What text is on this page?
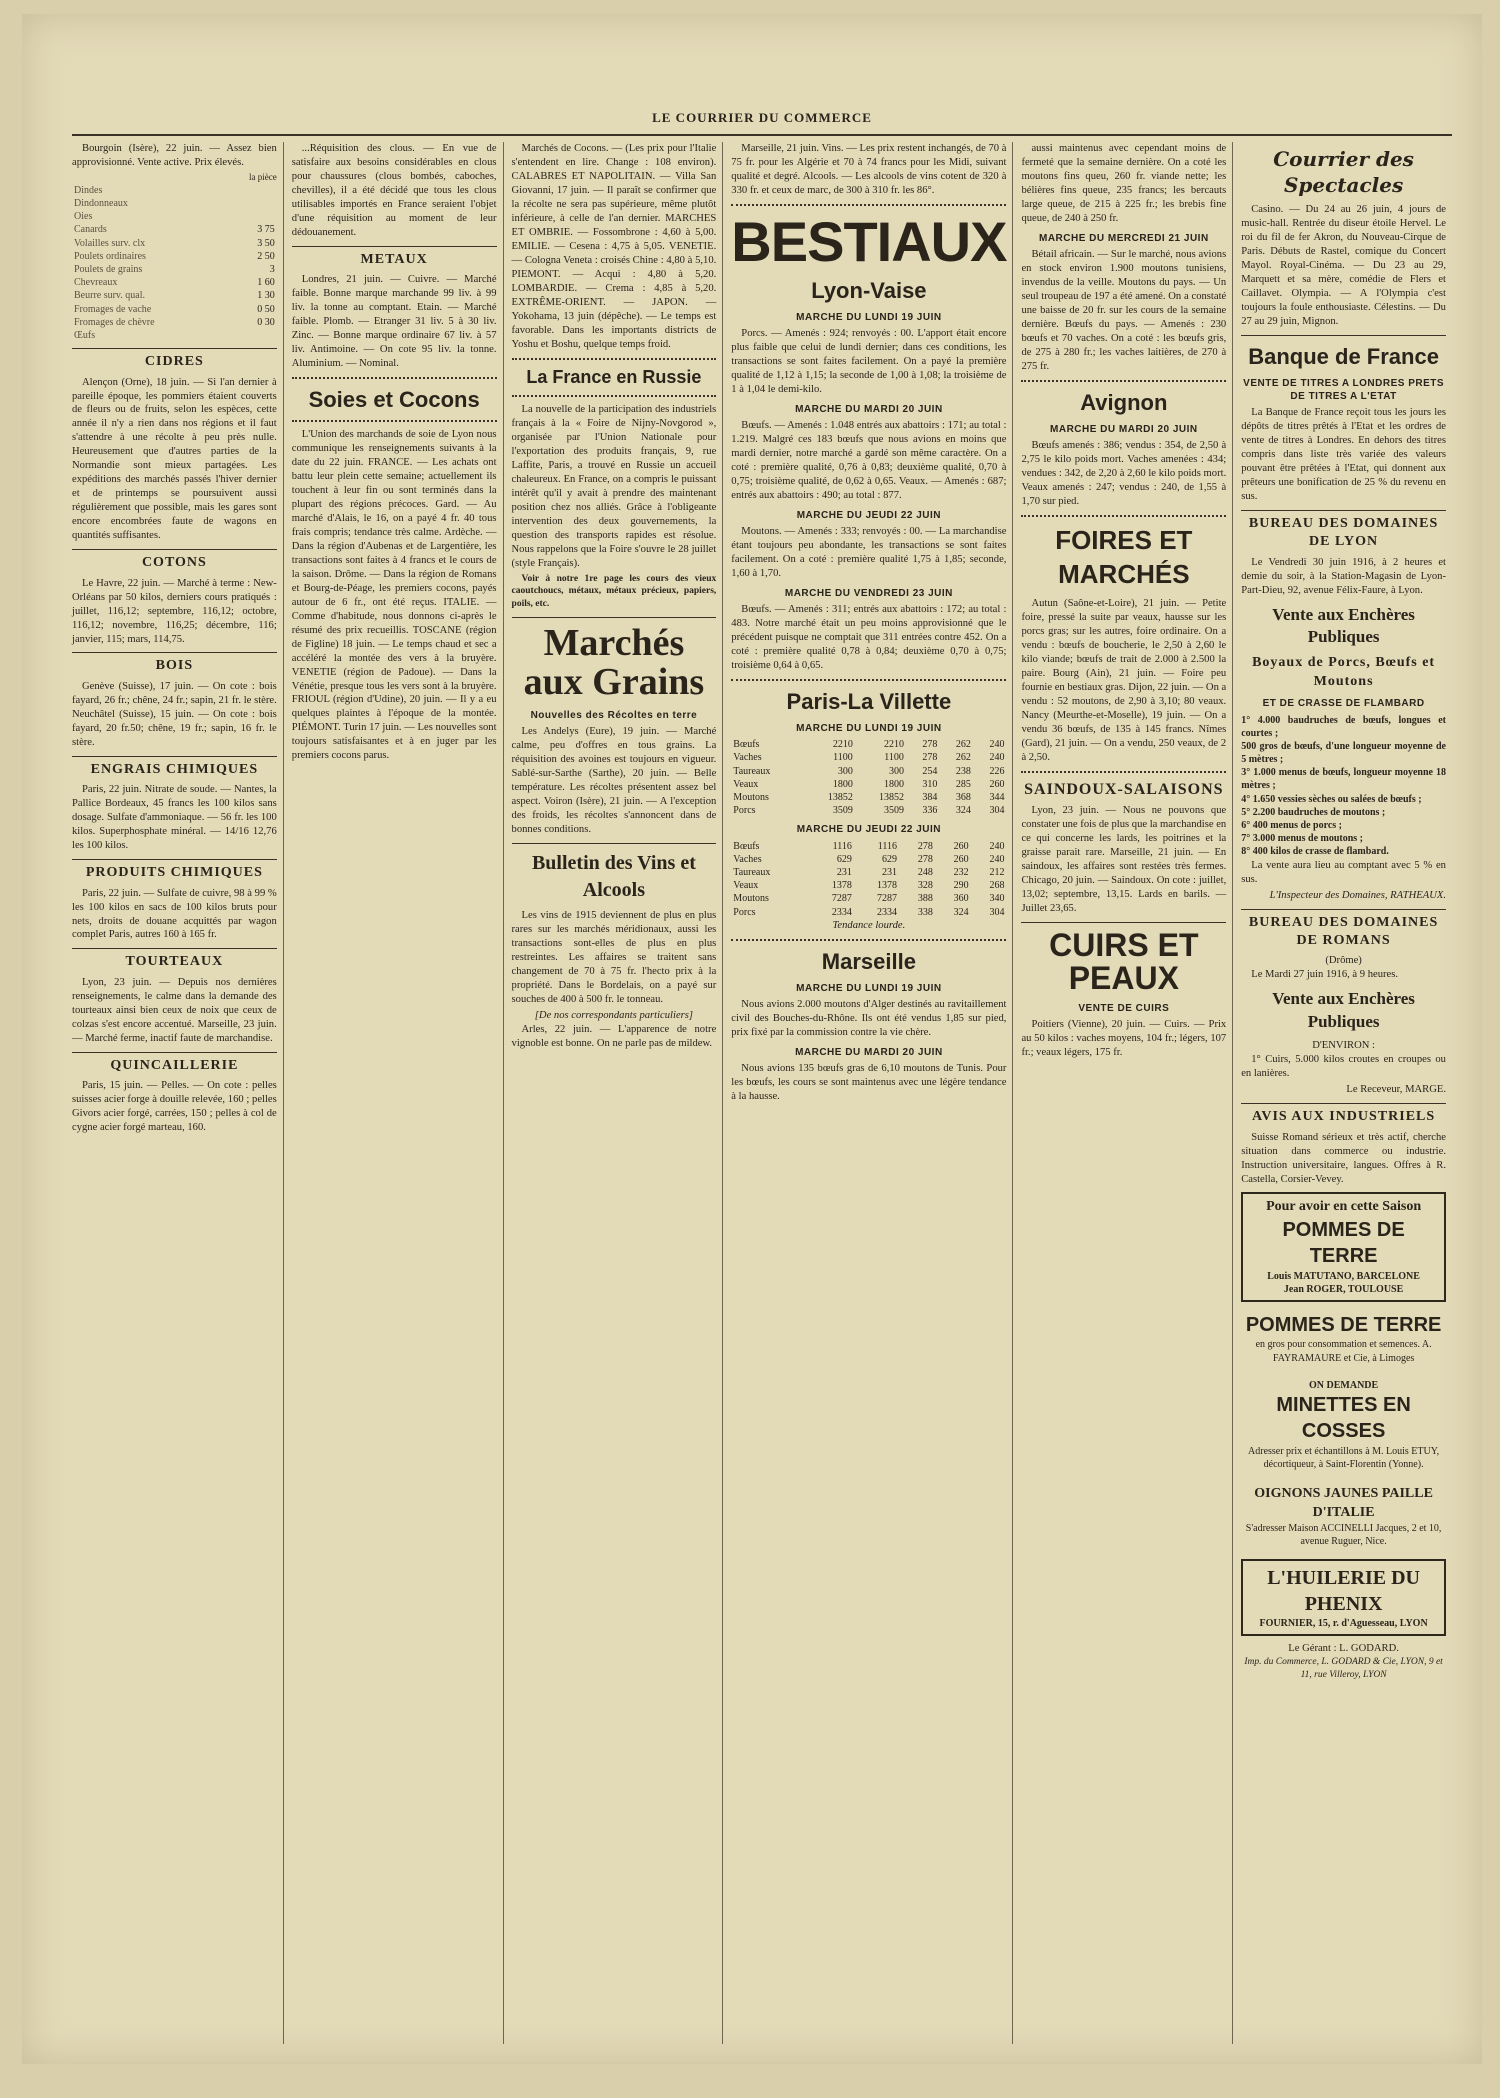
LE COURRIER DU COMMERCE

Bourgoin (Isère), 22 juin. — Assez bien approvisionné. Vente active. Prix élevés.

la pièce
Dindes	
Dindonneaux	
Oies	
Canards	3 75
Volailles surv. clx	3 50
Poulets ordinaires	2 50
Poulets de grains	3
Chevreaux	1 60
Beurre surv. qual.	1 30
Fromages de vache	0 50
Fromages de chèvre	0 30
Œufs	
CIDRES

Alençon (Orne), 18 juin. — Si l'an dernier à pareille époque, les pommiers étaient couverts de fleurs ou de fruits, selon les espèces, cette année il n'y a rien dans nos régions et il faut s'attendre à une récolte à peu près nulle. Heureusement que d'autres parties de la Normandie sont mieux partagées. Les expéditions des marchés passés l'hiver dernier et de printemps se poursuivent aussi régulièrement que possible, mais les gares sont encore encombrées faute de wagons en quantités suffisantes.

COTONS

Le Havre, 22 juin. — Marché à terme : New-Orléans par 50 kilos, derniers cours pratiqués : juillet, 116,12; septembre, 116,12; octobre, 116,12; novembre, 116,25; décembre, 116; janvier, 115; mars, 114,75.

BOIS

Genève (Suisse), 17 juin. — On cote : bois fayard, 26 fr.; chêne, 24 fr.; sapin, 21 fr. le stère. Neuchâtel (Suisse), 15 juin. — On cote : bois fayard, 20 fr.50; chêne, 19 fr.; sapin, 16 fr. le stère.

ENGRAIS CHIMIQUES

Paris, 22 juin. Nitrate de soude. — Nantes, la Pallice Bordeaux, 45 francs les 100 kilos sans dosage. Sulfate d'ammoniaque. — 56 fr. les 100 kilos. Superphosphate minéral. — 14/16 12,76 les 100 kilos.

PRODUITS CHIMIQUES

Paris, 22 juin. — Sulfate de cuivre, 98 à 99 % les 100 kilos en sacs de 100 kilos bruts pour nets, droits de douane acquittés par wagon complet Paris, autres 160 à 165 fr.

TOURTEAUX

Lyon, 23 juin. — Depuis nos dernières renseignements, le calme dans la demande des tourteaux ainsi bien ceux de noix que ceux de colzas s'est encore accentué. Marseille, 23 juin. — Marché ferme, inactif faute de marchandise.

QUINCAILLERIE

Paris, 15 juin. — Pelles. — On cote : pelles suisses acier forge à douille relevée, 160 ; pelles Givors acier forgé, carrées, 150 ; pelles à col de cygne acier forgé marteau, 160.

...Réquisition des clous. — En vue de satisfaire aux besoins considérables en clous pour chaussures (clous bombés, caboches, chevilles), il a été décidé que tous les clous utilisables importés en France seraient l'objet d'une réquisition au moment de leur dédouanement.

METAUX

Londres, 21 juin. — Cuivre. — Marché faible. Bonne marque marchande 99 liv. à 99 liv. la tonne au comptant. Etain. — Marché faible. Plomb. — Etranger 31 liv. 5 à 30 liv. Zinc. — Bonne marque ordinaire 67 liv. à 57 liv. Antimoine. — On cote 95 liv. la tonne. Aluminium. — Nominal.

Soies et Cocons

L'Union des marchands de soie de Lyon nous communique les renseignements suivants à la date du 22 juin. FRANCE. — Les achats ont battu leur plein cette semaine; actuellement ils touchent à leur fin ou sont terminés dans la plupart des régions précoces. Gard. — Au marché d'Alais, le 16, on a payé 4 fr. 40 tous frais compris; tendance très calme. Ardèche. — Dans la région d'Aubenas et de Largentière, les transactions sont faites à 4 francs et le cours de la saison. Drôme. — Dans la région de Romans et Bourg-de-Péage, les premiers cocons, payés autour de 6 fr., ont été reçus. ITALIE. — Comme d'habitude, nous donnons ci-après le résumé des prix recueillis. TOSCANE (région de Figline) 18 juin. — Le temps chaud et sec a accéléré la montée des vers à la bruyère. VENETIE (région de Padoue). — Dans la Vénétie, presque tous les vers sont à la bruyère. FRIOUL (région d'Udine), 20 juin. — Il y a eu quelques plaintes à l'époque de la montée. PIÉMONT. Turin 17 juin. — Les nouvelles sont toujours satisfaisantes et à en juger par les premiers cocons parus.

Marchés de Cocons. — (Les prix pour l'Italie s'entendent en lire. Change : 108 environ). CALABRES ET NAPOLITAIN. — Villa San Giovanni, 17 juin. — Il paraît se confirmer que la récolte ne sera pas supérieure, même plutôt inférieure, à celle de l'an dernier. MARCHES ET OMBRIE. — Fossombrone : 4,60 à 5,00. EMILIE. — Cesena : 4,75 à 5,05. VENETIE. — Cologna Veneta : croisés Chine : 4,80 à 5,10. PIEMONT. — Acqui : 4,80 à 5,20. LOMBARDIE. — Crema : 4,85 à 5,20. EXTRÊME-ORIENT. — JAPON. — Yokohama, 13 juin (dépêche). — Le temps est favorable. Dans les importants districts de Yoshu et Boshu, quelque temps froid.

La France en Russie

La nouvelle de la participation des industriels français à la « Foire de Nijny-Novgorod », organisée par l'Union Nationale pour l'exportation des produits français, 9, rue Laffite, Paris, a trouvé en Russie un accueil chaleureux. En France, on a compris le puissant intérêt qu'il y avait à prendre des maintenant position chez nos alliés. Grâce à l'obligeante intervention des deux gouvernements, la question des transports rapides est résolue. Nous rappelons que la Foire s'ouvre le 28 juillet (style Français).

Voir à notre 1re page les cours des vieux caoutchoucs, métaux, métaux précieux, papiers, poils, etc.

Marchés aux Grains
Nouvelles des Récoltes en terre

Les Andelys (Eure), 19 juin. — Marché calme, peu d'offres en tous grains. La réquisition des avoines est toujours en vigueur. Sablé-sur-Sarthe (Sarthe), 20 juin. — Belle température. Les récoltes présentent assez bel aspect. Voiron (Isère), 21 juin. — A l'exception des froids, les récoltes s'annoncent dans de bonnes conditions.

Bulletin des Vins et Alcools

Les vins de 1915 deviennent de plus en plus rares sur les marchés méridionaux, aussi les transactions sont-elles de plus en plus restreintes. Les affaires se traitent sans changement de 70 à 75 fr. l'hecto prix à la propriété. Dans le Bordelais, on a payé sur souches de 400 à 500 fr. le tonneau.

[De nos correspondants particuliers]

Arles, 22 juin. — L'apparence de notre vignoble est bonne. On ne parle pas de mildew.

Marseille, 21 juin. Vins. — Les prix restent inchangés, de 70 à 75 fr. pour les Algérie et 70 à 74 francs pour les Midi, suivant qualité et degré. Alcools. — Les alcools de vins cotent de 320 à 330 fr. et ceux de marc, de 300 à 310 fr. les 86°.

BESTIAUX
Lyon-Vaise
MARCHE DU LUNDI 19 JUIN

Porcs. — Amenés : 924; renvoyés : 00. L'apport était encore plus faible que celui de lundi dernier; dans ces conditions, les transactions se sont faites facilement. On a payé la première qualité de 1,12 à 1,15; la seconde de 1,00 à 1,08; la troisième de 1 à 1,04 le demi-kilo.

MARCHE DU MARDI 20 JUIN

Bœufs. — Amenés : 1.048 entrés aux abattoirs : 171; au total : 1.219. Malgré ces 183 bœufs que nous avions en moins que mardi dernier, notre marché a gardé son même caractère. On a coté : première qualité, 0,76 à 0,83; deuxième qualité, 0,70 à 0,75; troisième qualité, de 0,62 à 0,65. Veaux. — Amenés : 687; entrés aux abattoirs : 490; au total : 877.

MARCHE DU JEUDI 22 JUIN

Moutons. — Amenés : 333; renvoyés : 00. — La marchandise étant toujours peu abondante, les transactions se sont faites facilement. On a coté : première qualité 1,75 à 1,85; seconde, 1,60 à 1,70.

MARCHE DU VENDREDI 23 JUIN

Bœufs. — Amenés : 311; entrés aux abattoirs : 172; au total : 483. Notre marché était un peu moins approvisionné que le précédent puisque ne comptait que 311 entrées contre 452. On a coté : première qualité 0,78 à 0,84; deuxième 0,70 à 0,75; troisième 0,64 à 0,65.

Paris-La Villette
MARCHE DU LUNDI 19 JUIN
Bœufs	2210	2210	278	262	240
Vaches	1100	1100	278	262	240
Taureaux	300	300	254	238	226
Veaux	1800	1800	310	285	260
Moutons	13852	13852	384	368	344
Porcs	3509	3509	336	324	304
MARCHE DU JEUDI 22 JUIN
Bœufs	1116	1116	278	260	240
Vaches	629	629	278	260	240
Taureaux	231	231	248	232	212
Veaux	1378	1378	328	290	268
Moutons	7287	7287	388	360	340
Porcs	2334	2334	338	324	304
Tendance lourde.
Marseille
MARCHE DU LUNDI 19 JUIN

Nous avions 2.000 moutons d'Alger destinés au ravitaillement civil des Bouches-du-Rhône. Ils ont été vendus 1,85 sur pied, prix fixé par la commission contre la vie chère.

MARCHE DU MARDI 20 JUIN

Nous avions 135 bœufs gras de 6,10 moutons de Tunis. Pour les bœufs, les cours se sont maintenus avec une légère tendance à la hausse.

aussi maintenus avec cependant moins de fermeté que la semaine dernière. On a coté les moutons fins queu, 260 fr. viande nette; les bélières fins queue, 235 francs; les bercauts large queue, de 215 à 225 fr.; les brebis fine queue, de 240 à 250 fr.

MARCHE DU MERCREDI 21 JUIN

Bétail africain. — Sur le marché, nous avions en stock environ 1.900 moutons tunisiens, invendus de la veille. Moutons du pays. — Un seul troupeau de 197 a été amené. On a constaté une baisse de 20 fr. sur les cours de la semaine dernière. Bœufs du pays. — Amenés : 230 bœufs et 70 vaches. On a coté : les bœufs gris, de 275 à 280 fr.; les vaches laitières, de 270 à 275 fr.

Avignon
MARCHE DU MARDI 20 JUIN

Bœufs amenés : 386; vendus : 354, de 2,50 à 2,75 le kilo poids mort. Vaches amenées : 434; vendues : 342, de 2,20 à 2,60 le kilo poids mort. Veaux amenés : 247; vendus : 240, de 1,55 à 1,70 sur pied.

FOIRES ET MARCHÉS

Autun (Saône-et-Loire), 21 juin. — Petite foire, pressé la suite par veaux, hausse sur les porcs gras; sur les autres, foire ordinaire. On a vendu : bœufs de boucherie, le 2,50 à 2,60 le kilo viande; bœufs de trait de 2.000 à 2.500 la paire. Bourg (Ain), 21 juin. — Foire peu fournie en bestiaux gras. Dijon, 22 juin. — On a vendu : 52 moutons, de 2,90 à 3,10; 80 veaux. Nancy (Meurthe-et-Moselle), 19 juin. — On a vendu 36 bœufs, de 135 à 145 francs. Nîmes (Gard), 21 juin. — On a vendu, 250 veaux, de 2 à 2,50.

SAINDOUX-SALAISONS

Lyon, 23 juin. — Nous ne pouvons que constater une fois de plus que la marchandise en ce qui concerne les lards, les poitrines et la graisse parait rare. Marseille, 21 juin. — En saindoux, les affaires sont restées très fermes. Chicago, 20 juin. — Saindoux. On cote : juillet, 13,02; septembre, 13,15. Lards en barils. — Juillet 23,65.

CUIRS ET PEAUX
VENTE DE CUIRS

Poitiers (Vienne), 20 juin. — Cuirs. — Prix au 50 kilos : vaches moyens, 104 fr.; légers, 107 fr.; veaux légers, 175 fr.

Courrier des Spectacles

Casino. — Du 24 au 26 juin, 4 jours de music-hall. Rentrée du diseur étoile Hervel. Le roi du fil de fer Akron, du Nouveau-Cirque de Paris. Débuts de Rastel, comique du Concert Mayol. Royal-Cinéma. — Du 23 au 29, Marquett et sa mère, comédie de Flers et Caillavet. Olympia. — A l'Olympia c'est toujours la foule enthousiaste. Célestins. — Du 27 au 29 juin, Mignon.

Banque de France
VENTE DE TITRES A LONDRES PRETS DE TITRES A L'ETAT

La Banque de France reçoit tous les jours les dépôts de titres prêtés à l'Etat et les ordres de vente de titres à Londres. En dehors des titres compris dans liste très variée des valeurs pouvant être prêtées à l'Etat, qui donnent aux prêteurs une bonification de 25 % du revenu en sus.

BUREAU DES DOMAINES DE LYON

Le Vendredi 30 juin 1916, à 2 heures et demie du soir, à la Station-Magasin de Lyon-Part-Dieu, 92, avenue Félix-Faure, à Lyon.

Vente aux Enchères Publiques
Boyaux de Porcs, Bœufs et Moutons
ET DE CRASSE DE FLAMBARD
1° 4.000 baudruches de bœufs, longues et courtes ;
500 gros de bœufs, d'une longueur moyenne de 5 mètres ;
3° 1.000 menus de bœufs, longueur moyenne 18 mètres ;
4° 1.650 vessies sèches ou salées de bœufs ;
5° 2.200 baudruches de moutons ;
6° 400 menus de porcs ;
7° 3.000 menus de moutons ;
8° 400 kilos de crasse de flambard.

La vente aura lieu au comptant avec 5 % en sus.

L'Inspecteur des Domaines, RATHEAUX.
BUREAU DES DOMAINES DE ROMANS
(Drôme)

Le Mardi 27 juin 1916, à 9 heures.

Vente aux Enchères Publiques
D'ENVIRON :

1° Cuirs, 5.000 kilos croutes en croupes ou en lanières.

Le Receveur, MARGE.
AVIS AUX INDUSTRIELS

Suisse Romand sérieux et très actif, cherche situation dans commerce ou industrie. Instruction universitaire, langues. Offres à R. Castella, Corsier-Vevey.

Pour avoir en cette Saison
POMMES DE TERRE
Louis MATUTANO, BARCELONE
Jean ROGER, TOULOUSE
POMMES DE TERRE
en gros pour consommation et semences. A. FAYRAMAURE et Cie, à Limoges
ON DEMANDE
MINETTES EN COSSES
Adresser prix et échantillons à M. Louis ETUY, décortiqueur, à Saint-Florentin (Yonne).
OIGNONS JAUNES PAILLE D'ITALIE
S'adresser Maison ACCINELLI Jacques, 2 et 10, avenue Ruguer, Nice.
L'HUILERIE DU PHENIX
FOURNIER, 15, r. d'Aguesseau, LYON
Le Gérant : L. GODARD.
Imp. du Commerce, L. GODARD & Cie, LYON, 9 et 11, rue Villeroy, LYON
